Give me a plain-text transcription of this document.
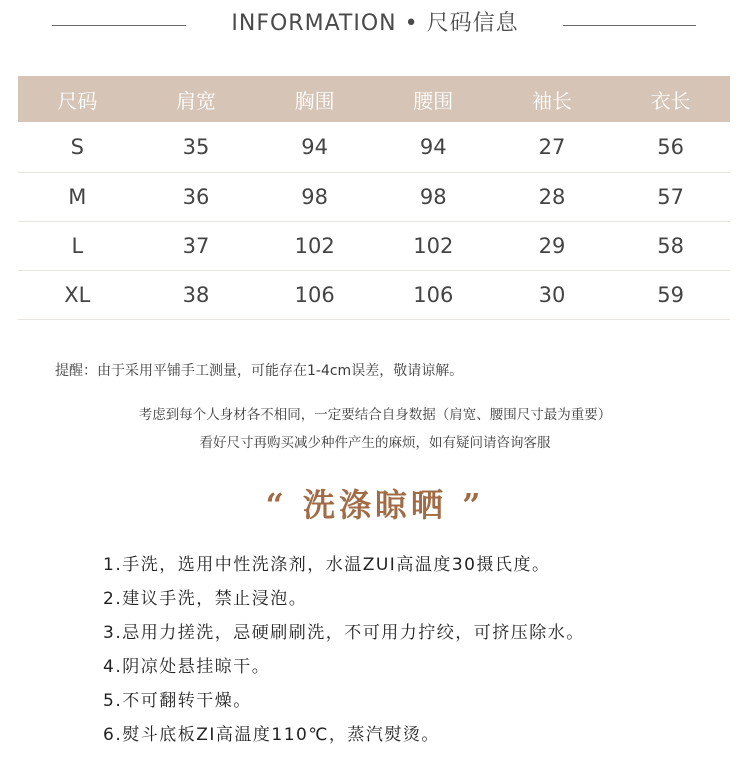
INFORMATION • 尺码信息
尺码	肩宽	胸围	腰围	袖长	衣长
S	35	94	94	27	56
M	36	98	98	28	57
L	37	102	102	29	58
XL	38	106	106	30	59
提醒：由于采用平铺手工测量，可能存在1-4cm误差，敬请谅解。
考虑到每个人身材各不相同，一定要结合自身数据（肩宽、腰围尺寸最为重要）
看好尺寸再购买减少种件产生的麻烦，如有疑问请咨询客服
“ 洗涤晾晒 ”
1.手洗，选用中性洗涤剂，水温ZUI高温度30摄氏度。
2.建议手洗，禁止浸泡。
3.忌用力搓洗，忌硬刷刷洗，不可用力拧绞，可挤压除水。
4.阴凉处悬挂晾干。
5.不可翻转干燥。
6.熨斗底板ZI高温度110℃，蒸汽熨烫。
